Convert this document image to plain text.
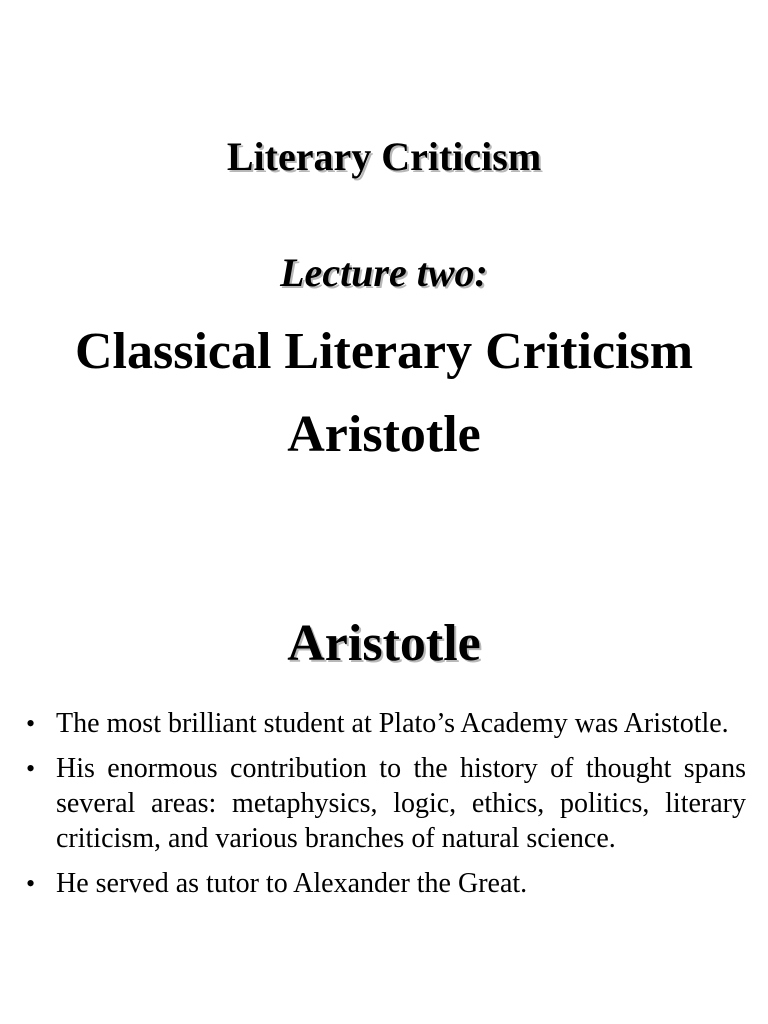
Literary Criticism
Lecture two:
Classical Literary Criticism
Aristotle
Aristotle
• The most brilliant student at Plato’s Academy was Aristotle.
• His enormous contribution to the history of thought spans several areas: metaphysics, logic, ethics, politics, literary criticism, and various branches of natural science.
• He served as tutor to Alexander the Great.
